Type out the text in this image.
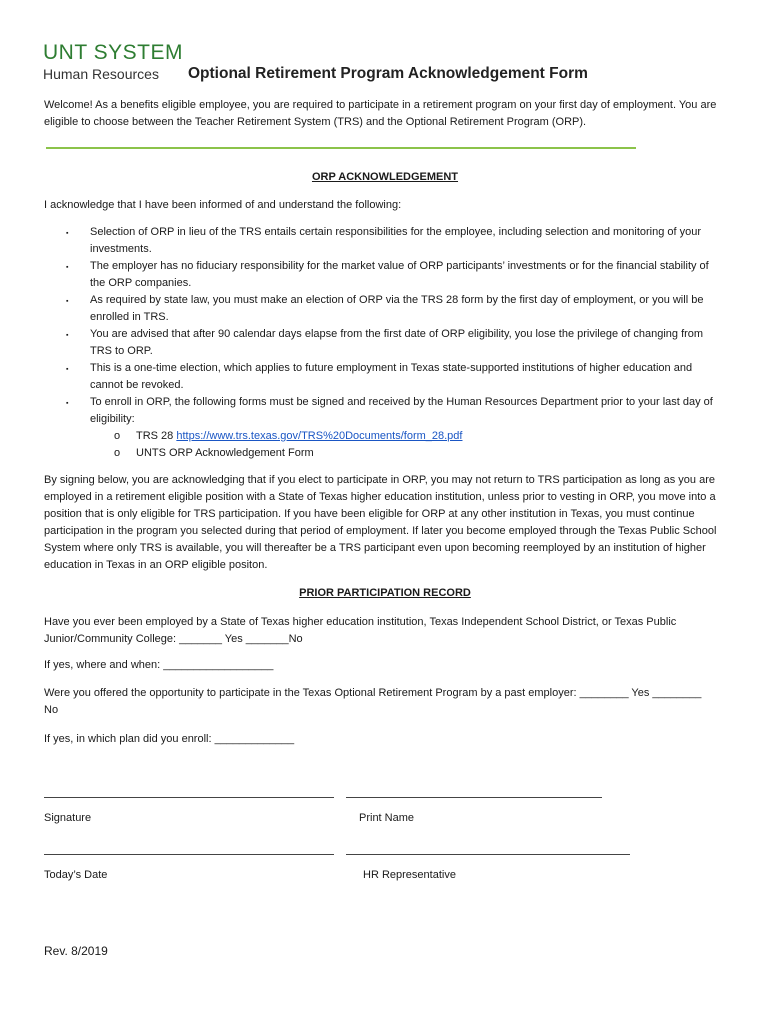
UNT SYSTEM
Human Resources	Optional Retirement Program Acknowledgement Form
Welcome! As a benefits eligible employee, you are required to participate in a retirement program on your first day of employment. You are eligible to choose between the Teacher Retirement System (TRS) and the Optional Retirement Program (ORP).
ORP ACKNOWLEDGEMENT
I acknowledge that I have been informed of and understand the following:
▪	Selection of ORP in lieu of the TRS entails certain responsibilities for the employee, including selection and monitoring of your investments.
▪	The employer has no fiduciary responsibility for the market value of ORP participants’ investments or for the financial stability of the ORP companies.
▪	As required by state law, you must make an election of ORP via the TRS 28 form by the first day of employment, or you will be enrolled in TRS.
▪	You are advised that after 90 calendar days elapse from the first date of ORP eligibility, you lose the privilege of changing from TRS to ORP.
▪	This is a one-time election, which applies to future employment in Texas state-supported institutions of higher education and cannot be revoked.
▪	To enroll in ORP, the following forms must be signed and received by the Human Resources Department prior to your last day of eligibility:
o	TRS 28 https://www.trs.texas.gov/TRS%20Documents/form_28.pdf
o	UNTS ORP Acknowledgement Form
By signing below, you are acknowledging that if you elect to participate in ORP, you may not return to TRS participation as long as you are employed in a retirement eligible position with a State of Texas higher education institution, unless prior to vesting in ORP, you move into a position that is only eligible for TRS participation. If you have been eligible for ORP at any other institution in Texas, you must continue participation in the program you selected during that period of employment. If later you become employed through the Texas Public School System where only TRS is available, you will thereafter be a TRS participant even upon becoming reemployed by an institution of higher education in Texas in an ORP eligible positon.
PRIOR PARTICIPATION RECORD
Have you ever been employed by a State of Texas higher education institution, Texas Independent School District, or Texas Public Junior/Community College: _______ Yes _______No
If yes, where and when: __________________
Were you offered the opportunity to participate in the Texas Optional Retirement Program by a past employer: ________ Yes ________ No
If yes, in which plan did you enroll: _____________
Signature	Print Name
Today’s Date	HR Representative
Rev. 8/2019
